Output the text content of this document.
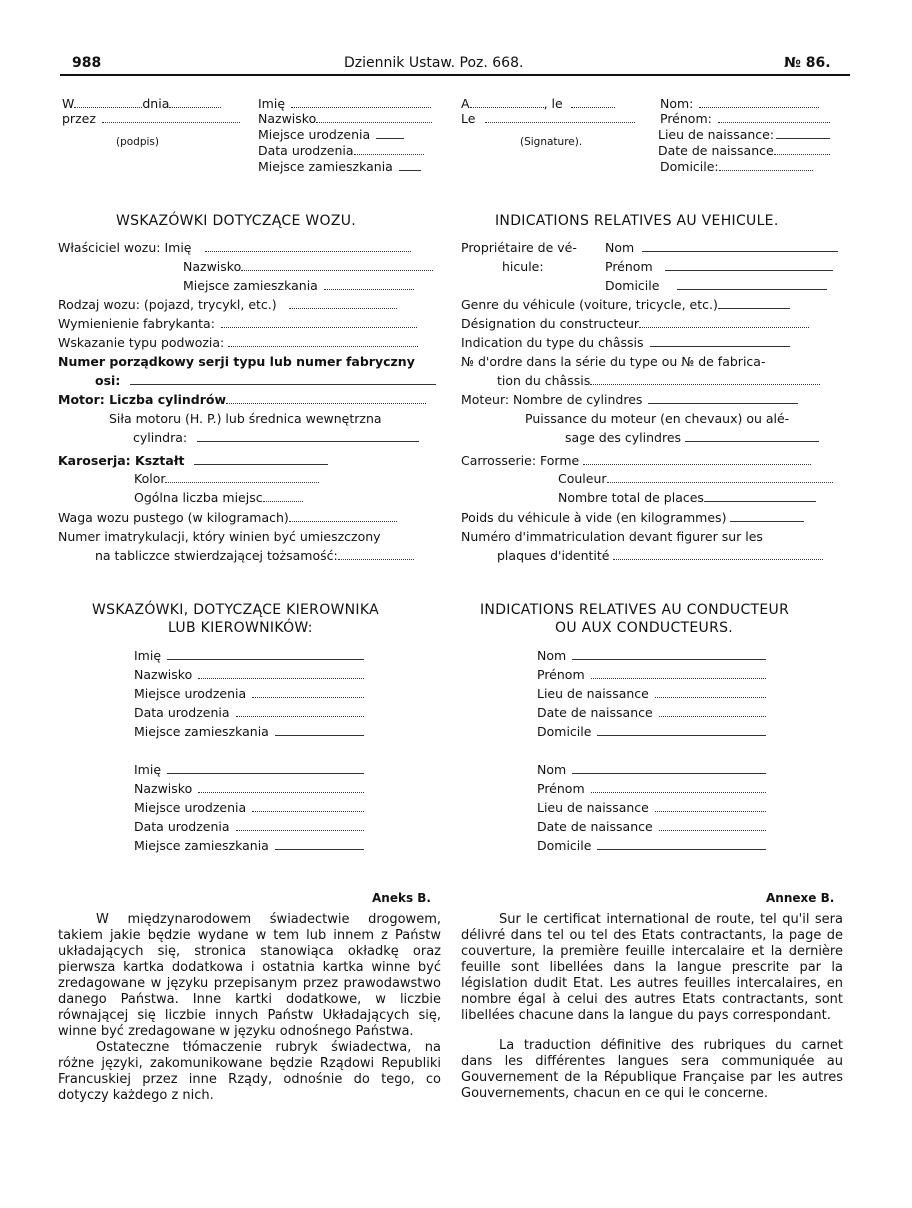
988	Dziennik Ustaw. Poz. 668.	№ 86.
W	dnia
przez
(podpis)
Imię
Nazwisko
Miejsce urodzenia
Data urodzenia
Miejsce zamieszkania
A	, le
Le
(Signature).
Nom:
Prénom:
Lieu de naissance:
Date de naissance
Domicile:
WSKAZÓWKI DOTYCZĄCE WOZU.
Właściciel wozu: Imię
Nazwisko
Miejsce zamieszkania
Rodzaj wozu: (pojazd, trycykl, etc.)
Wymienienie fabrykanta:
Wskazanie typu podwozia:
Numer porządkowy serji typu lub numer fabryczny
osi:
Motor: Liczba cylindrów
Siła motoru (H. P.) lub średnica wewnętrzna
cylindra:
Karoserja: Kształt
Kolor
Ogólna liczba miejsc
Waga wozu pustego (w kilogramach)
Numer imatrykulacji, który winien być umieszczony
na tabliczce stwierdzającej tożsamość:
INDICATIONS RELATIVES AU VEHICULE.
Propriétaire de vé-
hicule:
Nom
Prénom
Domicile
Genre du véhicule (voiture, tricycle, etc.)
Désignation du constructeur
Indication du type du châssis
№ d'ordre dans la série du type ou № de fabrica-
tion du châssis
Moteur: Nombre de cylindres
Puissance du moteur (en chevaux) ou alé-
sage des cylindres
Carrosserie: Forme
Couleur
Nombre total de places
Poids du véhicule à vide (en kilogrammes)
Numéro d'immatriculation devant figurer sur les
plaques d'identité
WSKAZÓWKI, DOTYCZĄCE KIEROWNIKA
LUB KIEROWNIKÓW:
Imię
Nazwisko
Miejsce urodzenia
Data urodzenia
Miejsce zamieszkania
Imię
Nazwisko
Miejsce urodzenia
Data urodzenia
Miejsce zamieszkania
INDICATIONS RELATIVES AU CONDUCTEUR
OU AUX CONDUCTEURS.
Nom
Prénom
Lieu de naissance
Date de naissance
Domicile
Nom
Prénom
Lieu de naissance
Date de naissance
Domicile
Aneks B.

W międzynarodowem świadectwie drogowem, takiem jakie będzie wydane w tem lub innem z Państw układających się, stronica stanowiąca okładkę oraz pierwsza kartka dodatkowa i ostatnia kartka winne być zredagowane w języku przepisanym przez prawodawstwo danego Państwa. Inne kartki dodatkowe, w liczbie równającej się liczbie innych Państw Układających się, winne być zredagowane w języku odnośnego Państwa.

Ostateczne tłómaczenie rubryk świadectwa, na różne języki, zakomunikowane będzie Rządowi Republiki Francuskiej przez inne Rządy, odnośnie do tego, co dotyczy każdego z nich.

Annexe B.

Sur le certificat international de route, tel qu'il sera délivré dans tel ou tel des Etats contractants, la page de couverture, la première feuille intercalaire et la dernière feuille sont libellées dans la langue prescrite par la législation dudit Etat. Les autres feuilles intercalaires, en nombre égal à celui des autres Etats contractants, sont libellées chacune dans la langue du pays correspondant.

La traduction définitive des rubriques du carnet dans les différentes langues sera communiquée au Gouvernement de la République Française par les autres Gouvernements, chacun en ce qui le concerne.
